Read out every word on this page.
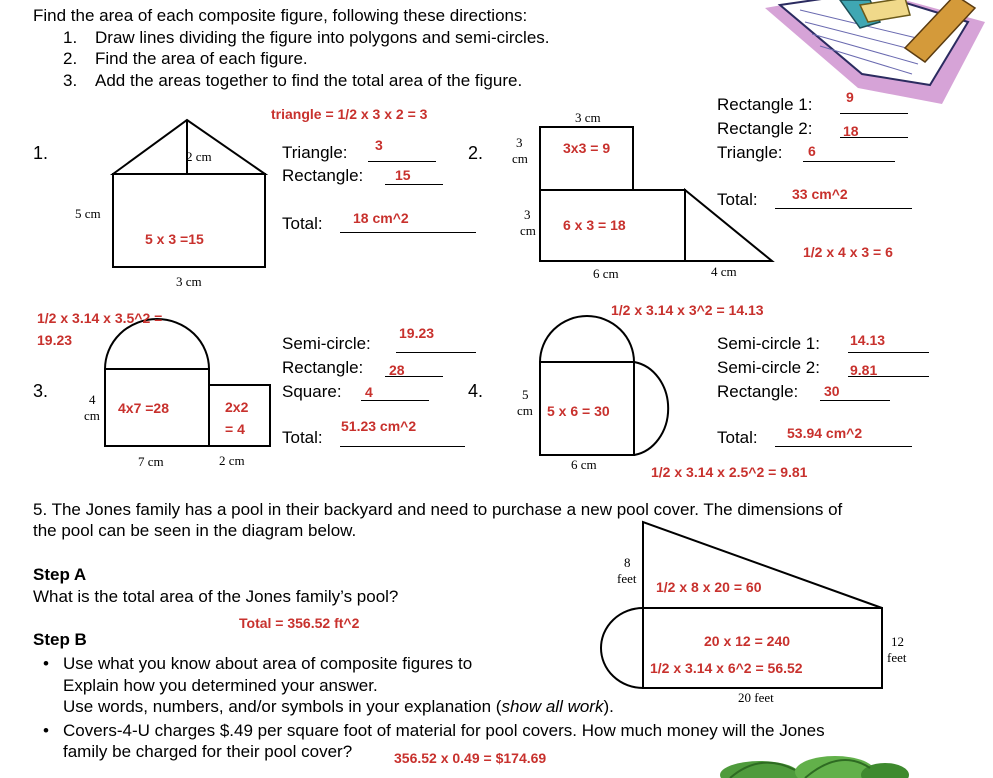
Find the area of each composite figure, following these directions:
1. Draw lines dividing the figure into polygons and semi-circles.
2. Find the area of each figure.
3. Add the areas together to find the total area of the figure.
1.
triangle = 1/2 x 3 x 2 = 3
2 cm
5 cm
3 cm
5 x 3 =15
Triangle: 3
Rectangle: 15
Total: 18 cm^2
2.
3 cm
3
cm
3
cm
6 cm	4 cm
3x3 = 9
6 x 3 = 18
1/2 x 4 x 3 = 6
Rectangle 1: 9
Rectangle 2: 18
Triangle: 6
Total: 33 cm^2
3.
1/2 x 3.14 x 3.5^2 =
19.23
4
cm
7 cm	2 cm
4x7 =28	2x2
= 4
Semi-circle:
19.23
Rectangle: 28
Square: 4
Total:
51.23 cm^2
4.
1/2 x 3.14 x 3^2 = 14.13
5
cm
6 cm
5 x 6 = 30
1/2 x 3.14 x 2.5^2 = 9.81
Semi-circle 1: 14.13
Semi-circle 2: 9.81
Rectangle: 30
Total: 53.94 cm^2
5. The Jones family has a pool in their backyard and need to purchase a new pool cover. The dimensions of
the pool can be seen in the diagram below.
Step A
What is the total area of the Jones family’s pool?
Total = 356.52 ft^2
Step B
• Use what you know about area of composite figures to
Explain how you determined your answer.
Use words, numbers, and/or symbols in your explanation (show all work).
• Covers-4-U charges $.49 per square foot of material for pool covers. How much money will the Jones
family be charged for their pool cover?	356.52 x 0.49 = $174.69
8
feet
12
feet
20 feet
1/2 x 8 x 20 = 60
20 x 12 = 240
1/2 x 3.14 x 6^2 = 56.52
